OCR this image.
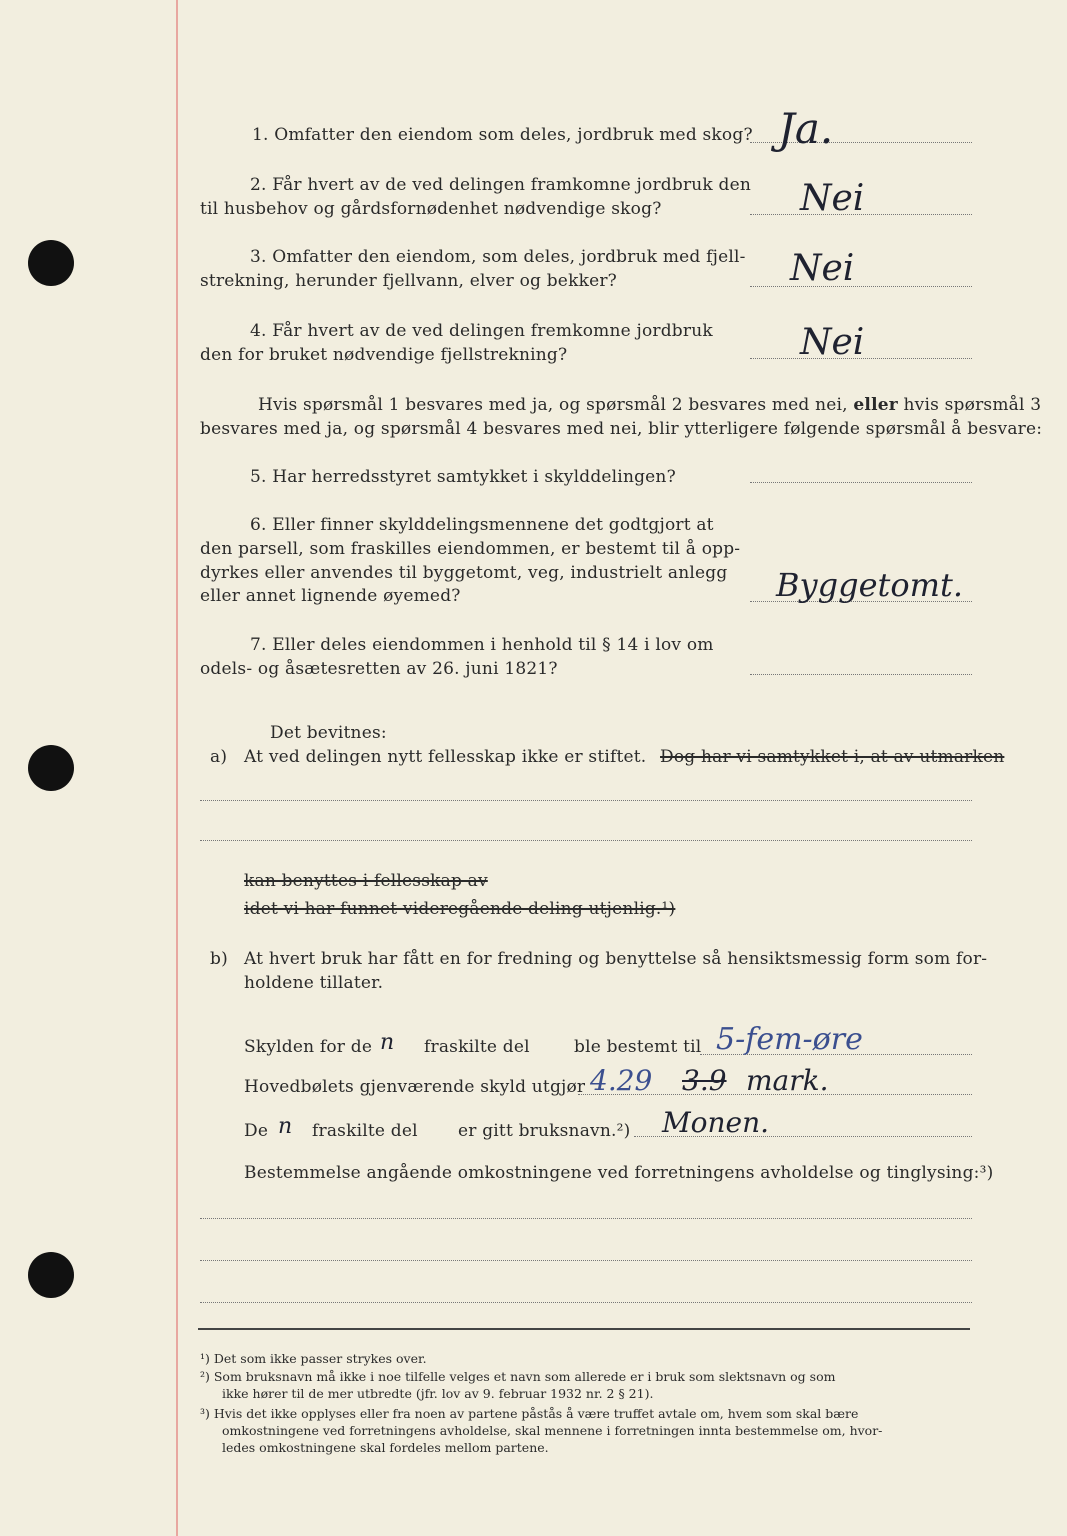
1. Omfatter den eiendom som deles, jordbruk med skog? Ja.
2. Får hvert av de ved delingen framkomne jordbruk den
til husbehov og gårdsfornødenhet nødvendige skog?	Nei
3. Omfatter den eiendom, som deles, jordbruk med fjell-
strekning, herunder fjellvann, elver og bekker?	Nei
4. Får hvert av de ved delingen fremkomne jordbruk
den for bruket nødvendige fjellstrekning?	Nei
Hvis spørsmål 1 besvares med ja, og spørsmål 2 besvares med nei, eller hvis spørsmål 3
besvares med ja, og spørsmål 4 besvares med nei, blir ytterligere følgende spørsmål å besvare:
5. Har herredsstyret samtykket i skylddelingen?
6. Eller finner skylddelingsmennene det godtgjort at
den parsell, som fraskilles eiendommen, er bestemt til å opp-
dyrkes eller anvendes til byggetomt, veg, industrielt anlegg
eller annet lignende øyemed?	Byggetomt.
7. Eller deles eiendommen i henhold til § 14 i lov om
odels- og åsætesretten av 26. juni 1821?
Det bevitnes:
a) At ved delingen nytt fellesskap ikke er stiftet. Dog har vi samtykket i, at av utmarken
kan benyttes i fellesskap av
idet vi har funnet videregående deling utjenlig.¹)
b) At hvert bruk har fått en for fredning og benyttelse så hensiktsmessig form som for-
holdene tillater.
Skylden for de n fraskilte del	ble bestemt til 5-fem-øre
Hovedbølets gjenværende skyld utgjør 4.29 3.9 mark.
De n fraskilte del er gitt bruksnavn.²) Monen.
Bestemmelse angående omkostningene ved forretningens avholdelse og tinglysing:³)
¹) Det som ikke passer strykes over.
²) Som bruksnavn må ikke i noe tilfelle velges et navn som allerede er i bruk som slektsnavn og som
ikke hører til de mer utbredte (jfr. lov av 9. februar 1932 nr. 2 § 21).
³) Hvis det ikke opplyses eller fra noen av partene påstås å være truffet avtale om, hvem som skal bære
omkostningene ved forretningens avholdelse, skal mennene i forretningen innta bestemmelse om, hvor-
ledes omkostningene skal fordeles mellom partene.
